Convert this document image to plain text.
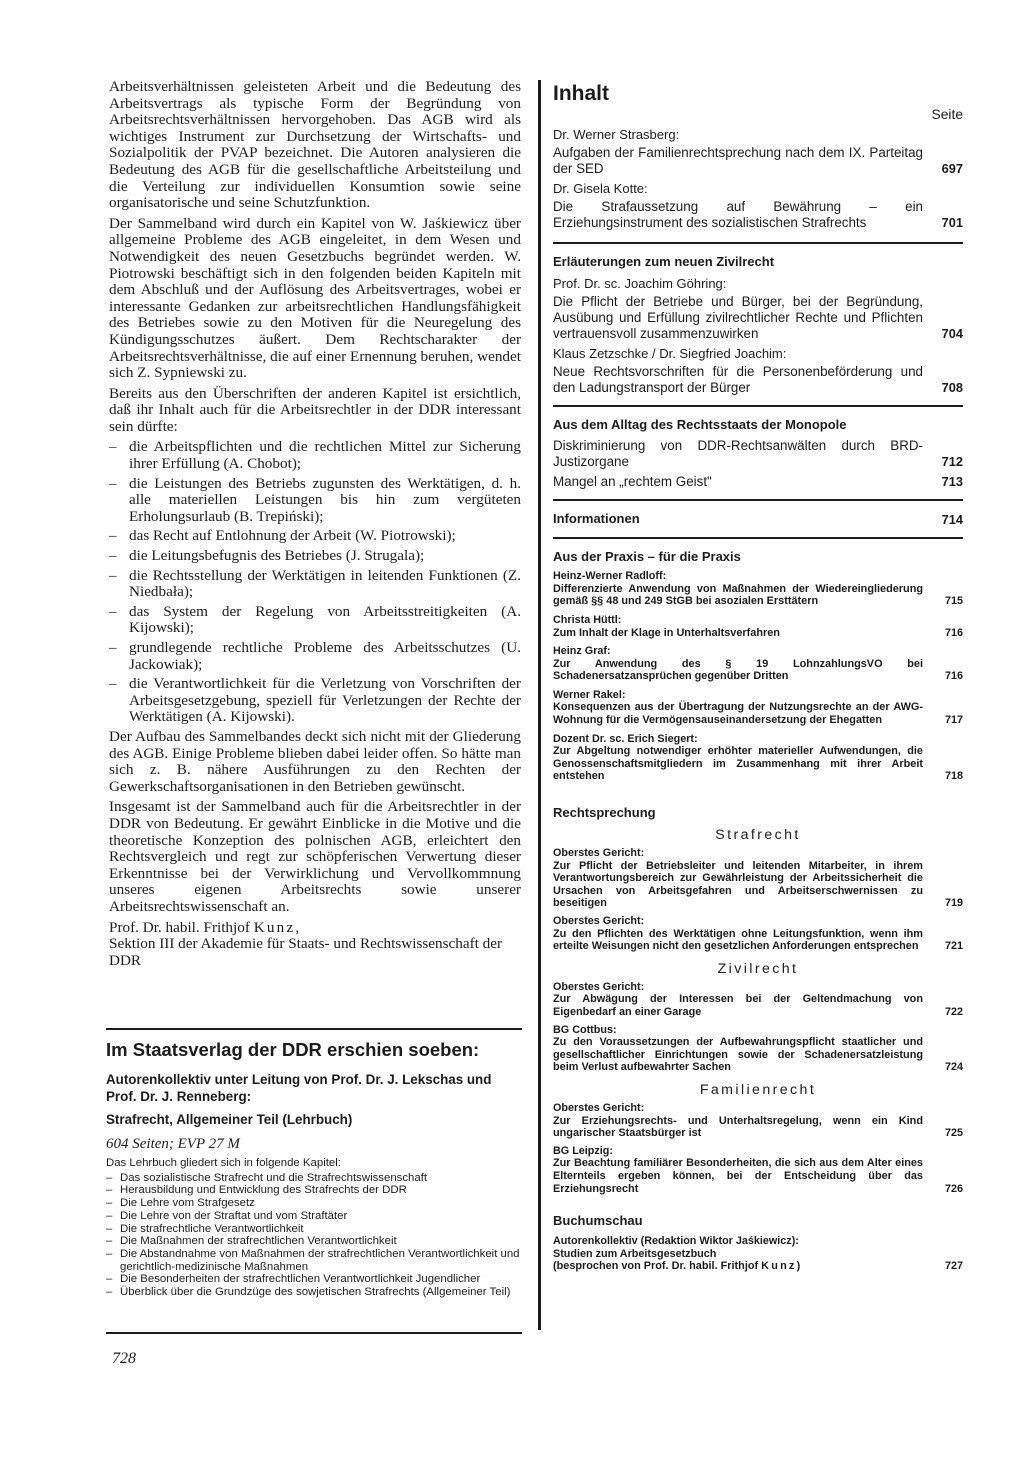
Arbeitsverhältnissen geleisteten Arbeit und die Bedeutung des Arbeitsvertrags als typische Form der Begründung von Arbeitsrechtsverhältnissen hervorgehoben. Das AGB wird als wichtiges Instrument zur Durchsetzung der Wirtschafts- und Sozialpolitik der PVAP bezeichnet. Die Autoren analysieren die Bedeutung des AGB für die gesellschaftliche Arbeitsteilung und die Verteilung zur individuellen Konsumtion sowie seine organisatorische und seine Schutzfunktion.

Der Sammelband wird durch ein Kapitel von W. Jaśkiewicz über allgemeine Probleme des AGB eingeleitet, in dem Wesen und Notwendigkeit des neuen Gesetzbuchs begründet werden. W. Piotrowski beschäftigt sich in den folgenden beiden Kapiteln mit dem Abschluß und der Auflösung des Arbeitsvertrages, wobei er interessante Gedanken zur arbeitsrechtlichen Handlungsfähigkeit des Betriebes sowie zu den Motiven für die Neuregelung des Kündigungsschutzes äußert. Dem Rechtscharakter der Arbeitsrechtsverhältnisse, die auf einer Ernennung beruhen, wendet sich Z. Sypniewski zu.

Bereits aus den Überschriften der anderen Kapitel ist ersichtlich, daß ihr Inhalt auch für die Arbeitsrechtler in der DDR interessant sein dürfte:

– die Arbeitspflichten und die rechtlichen Mittel zur Sicherung ihrer Erfüllung (A. Chobot);
– die Leistungen des Betriebs zugunsten des Werktätigen, d. h. alle materiellen Leistungen bis hin zum vergüteten Erholungsurlaub (B. Trepiński);
– das Recht auf Entlohnung der Arbeit (W. Piotrowski);
– die Leitungsbefugnis des Betriebes (J. Strugala);
– die Rechtsstellung der Werktätigen in leitenden Funktionen (Z. Niedbała);
– das System der Regelung von Arbeitsstreitigkeiten (A. Kijowski);
– grundlegende rechtliche Probleme des Arbeitsschutzes (U. Jackowiak);
– die Verantwortlichkeit für die Verletzung von Vorschriften der Arbeitsgesetzgebung, speziell für Verletzungen der Rechte der Werktätigen (A. Kijowski).

Der Aufbau des Sammelbandes deckt sich nicht mit der Gliederung des AGB. Einige Probleme blieben dabei leider offen. So hätte man sich z. B. nähere Ausführungen zu den Rechten der Gewerkschaftsorganisationen in den Betrieben gewünscht.

Insgesamt ist der Sammelband auch für die Arbeitsrechtler in der DDR von Bedeutung. Er gewährt Einblicke in die Motive und die theoretische Konzeption des polnischen AGB, erleichtert den Rechtsvergleich und regt zur schöpferischen Verwertung dieser Erkenntnisse bei der Verwirklichung und Vervollkommnung unseres eigenen Arbeitsrechts sowie unserer Arbeitsrechtswissenschaft an.

Prof. Dr. habil. Frithjof Kunz,

Sektion III der Akademie für Staats- und Rechtswissenschaft der DDR

Im Staatsverlag der DDR erschien soeben:
Autorenkollektiv unter Leitung von Prof. Dr. J. Lekschas und Prof. Dr. J. Renneberg:
Strafrecht, Allgemeiner Teil (Lehrbuch)
604 Seiten; EVP 27 M
Das Lehrbuch gliedert sich in folgende Kapitel:
– Das sozialistische Strafrecht und die Strafrechtswissenschaft
– Herausbildung und Entwicklung des Strafrechts der DDR
– Die Lehre vom Strafgesetz
– Die Lehre von der Straftat und vom Straftäter
– Die strafrechtliche Verantwortlichkeit
– Die Maßnahmen der strafrechtlichen Verantwortlichkeit
– Die Abstandnahme von Maßnahmen der strafrechtlichen Verantwortlichkeit und gerichtlich-medizinische Maßnahmen
– Die Besonderheiten der strafrechtlichen Verantwortlichkeit Jugendlicher
– Überblick über die Grundzüge des sowjetischen Strafrechts (Allgemeiner Teil)
728
Inhalt
Seite
Dr. Werner Strasberg:
Aufgaben der Familienrechtsprechung nach dem IX. Parteitag der SED	697
Dr. Gisela Kotte:
Die Strafaussetzung auf Bewährung – ein Erziehungsinstrument des sozialistischen Strafrechts	701
Erläuterungen zum neuen Zivilrecht
Prof. Dr. sc. Joachim Göhring:
Die Pflicht der Betriebe und Bürger, bei der Begründung, Ausübung und Erfüllung zivilrechtlicher Rechte und Pflichten vertrauensvoll zusammenzuwirken	704
Klaus Zetzschke / Dr. Siegfried Joachim:
Neue Rechtsvorschriften für die Personenbeförderung und den Ladungstransport der Bürger	708
Aus dem Alltag des Rechtsstaats der Monopole
Diskriminierung von DDR-Rechtsanwälten durch BRD-Justizorgane	712
Mangel an „rechtem Geist"	713
Informationen	714
Aus der Praxis – für die Praxis
Heinz-Werner Radloff:
Differenzierte Anwendung von Maßnahmen der Wiedereingliederung gemäß §§ 48 und 249 StGB bei asozialen Ersttätern	715
Christa Hüttl:
Zum Inhalt der Klage in Unterhaltsverfahren	716
Heinz Graf:
Zur Anwendung des § 19 LohnzahlungsVO bei Schadenersatzansprüchen gegenüber Dritten	716
Werner Rakel:
Konsequenzen aus der Übertragung der Nutzungsrechte an der AWG-Wohnung für die Vermögensauseinandersetzung der Ehegatten	717
Dozent Dr. sc. Erich Siegert:
Zur Abgeltung notwendiger erhöhter materieller Aufwendungen, die Genossenschaftsmitgliedern im Zusammenhang mit ihrer Arbeit entstehen	718
Rechtsprechung
Strafrecht
Oberstes Gericht:
Zur Pflicht der Betriebsleiter und leitenden Mitarbeiter, in ihrem Verantwortungsbereich zur Gewährleistung der Arbeitssicherheit die Ursachen von Arbeitsgefahren und Arbeitserschwernissen zu beseitigen	719
Oberstes Gericht:
Zu den Pflichten des Werktätigen ohne Leitungsfunktion, wenn ihm erteilte Weisungen nicht den gesetzlichen Anforderungen entsprechen	721
Zivilrecht
Oberstes Gericht:
Zur Abwägung der Interessen bei der Geltendmachung von Eigenbedarf an einer Garage	722
BG Cottbus:
Zu den Voraussetzungen der Aufbewahrungspflicht staatlicher und gesellschaftlicher Einrichtungen sowie der Schadenersatzleistung beim Verlust aufbewahrter Sachen	724
Familienrecht
Oberstes Gericht:
Zur Erziehungsrechts- und Unterhaltsregelung, wenn ein Kind ungarischer Staatsbürger ist	725
BG Leipzig:
Zur Beachtung familiärer Besonderheiten, die sich aus dem Alter eines Elternteils ergeben können, bei der Entscheidung über das Erziehungsrecht	726
Buchumschau
Autorenkollektiv (Redaktion Wiktor Jaśkiewicz):
Studien zum Arbeitsgesetzbuch
(besprochen von Prof. Dr. habil. Frithjof Kunz)	727
